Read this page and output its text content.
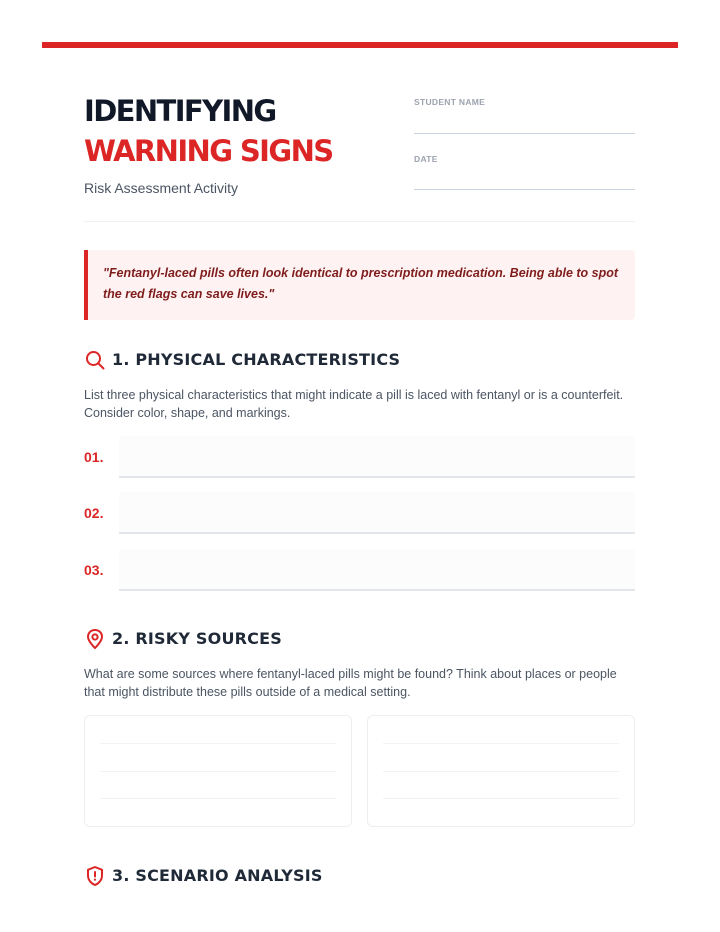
IDENTIFYING
WARNING SIGNS
Risk Assessment Activity
STUDENT NAME
DATE
"Fentanyl-laced pills often look identical to prescription medication. Being able to spot the red flags can save lives."
1. PHYSICAL CHARACTERISTICS
List three physical characteristics that might indicate a pill is laced with fentanyl or is a counterfeit. Consider color, shape, and markings.
01.
02.
03.
2. RISKY SOURCES
What are some sources where fentanyl-laced pills might be found? Think about places or people that might distribute these pills outside of a medical setting.
3. SCENARIO ANALYSIS
